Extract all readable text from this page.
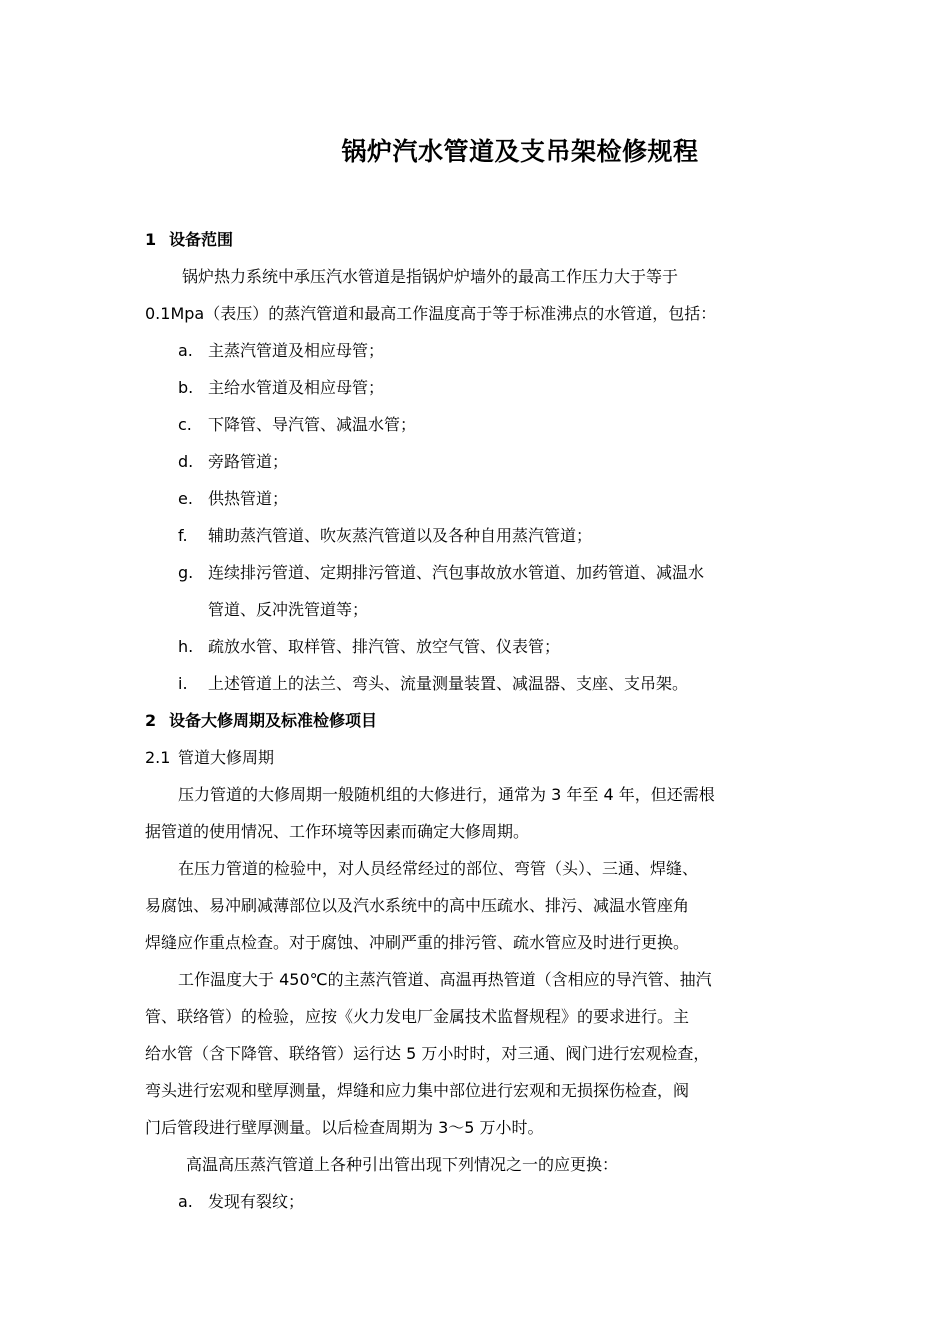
锅炉汽水管道及支吊架检修规程
1 设备范围
锅炉热力系统中承压汽水管道是指锅炉炉墙外的最高工作压力大于等于
0.1Mpa（表压）的蒸汽管道和最高工作温度高于等于标准沸点的水管道，包括：
a. 主蒸汽管道及相应母管；
b. 主给水管道及相应母管；
c. 下降管、导汽管、减温水管；
d. 旁路管道；
e. 供热管道；
f. 辅助蒸汽管道、吹灰蒸汽管道以及各种自用蒸汽管道；
g. 连续排污管道、定期排污管道、汽包事故放水管道、加药管道、减温水
管道、反冲洗管道等；
h. 疏放水管、取样管、排汽管、放空气管、仪表管；
i. 上述管道上的法兰、弯头、流量测量装置、减温器、支座、支吊架。
2 设备大修周期及标准检修项目
2.1 管道大修周期
压力管道的大修周期一般随机组的大修进行，通常为 3 年至 4 年，但还需根
据管道的使用情况、工作环境等因素而确定大修周期。
在压力管道的检验中，对人员经常经过的部位、弯管（头）、三通、焊缝、
易腐蚀、易冲刷减薄部位以及汽水系统中的高中压疏水、排污、减温水管座角
焊缝应作重点检查。对于腐蚀、冲刷严重的排污管、疏水管应及时进行更换。
工作温度大于 450℃的主蒸汽管道、高温再热管道（含相应的导汽管、抽汽
管、联络管）的检验，应按《火力发电厂金属技术监督规程》的要求进行。主
给水管（含下降管、联络管）运行达 5 万小时时，对三通、阀门进行宏观检查，
弯头进行宏观和壁厚测量，焊缝和应力集中部位进行宏观和无损探伤检查，阀
门后管段进行壁厚测量。以后检查周期为 3～5 万小时。
高温高压蒸汽管道上各种引出管出现下列情况之一的应更换：
a. 发现有裂纹；
